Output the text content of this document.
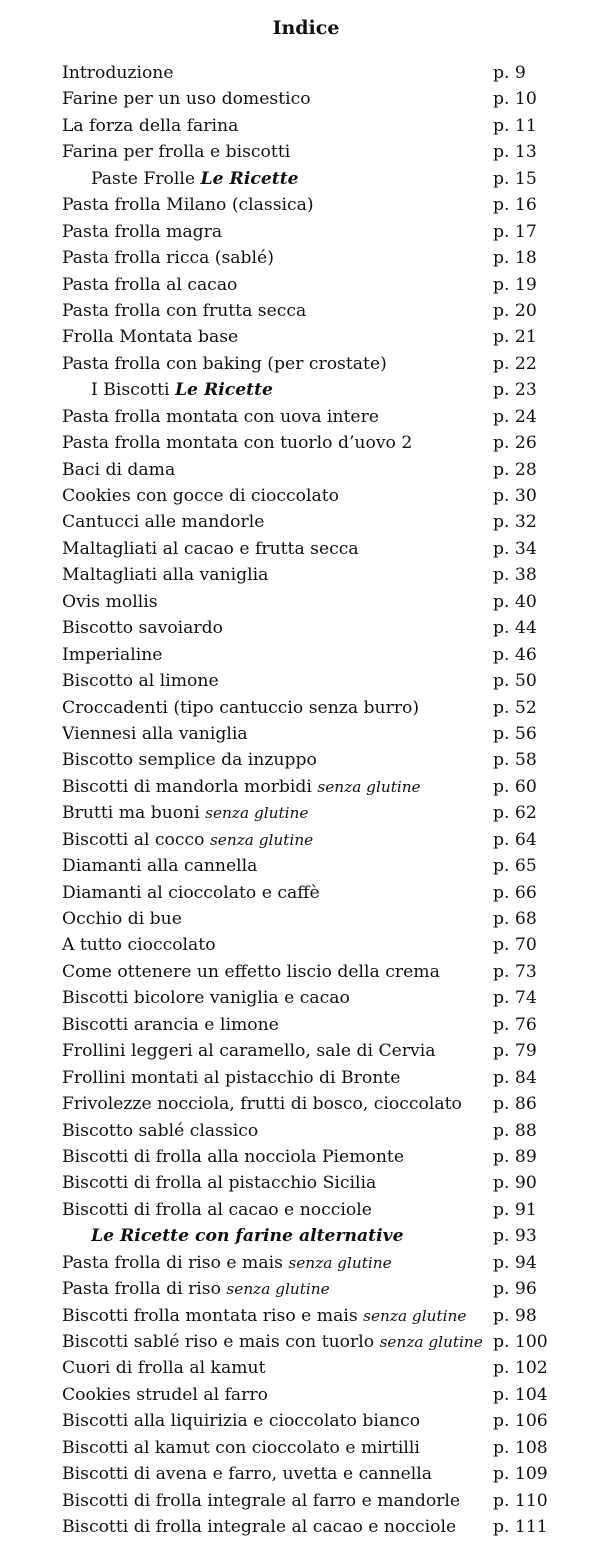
Indice
Introduzione	p. 9
Farine per un uso domestico	p. 10
La forza della farina	p. 11
Farina per frolla e biscotti	p. 13
Paste Frolle Le Ricette	p. 15
Pasta frolla Milano (classica)	p. 16
Pasta frolla magra	p. 17
Pasta frolla ricca (sablé)	p. 18
Pasta frolla al cacao	p. 19
Pasta frolla con frutta secca	p. 20
Frolla Montata base	p. 21
Pasta frolla con baking (per crostate)	p. 22
I Biscotti Le Ricette	p. 23
Pasta frolla montata con uova intere	p. 24
Pasta frolla montata con tuorlo d’uovo 2	p. 26
Baci di dama	p. 28
Cookies con gocce di cioccolato	p. 30
Cantucci alle mandorle	p. 32
Maltagliati al cacao e frutta secca	p. 34
Maltagliati alla vaniglia	p. 38
Ovis mollis	p. 40
Biscotto savoiardo	p. 44
Imperialine	p. 46
Biscotto al limone	p. 50
Croccadenti (tipo cantuccio senza burro)	p. 52
Viennesi alla vaniglia	p. 56
Biscotto semplice da inzuppo	p. 58
Biscotti di mandorla morbidi senza glutine	p. 60
Brutti ma buoni senza glutine	p. 62
Biscotti al cocco senza glutine	p. 64
Diamanti alla cannella	p. 65
Diamanti al cioccolato e caffè	p. 66
Occhio di bue	p. 68
A tutto cioccolato	p. 70
Come ottenere un effetto liscio della crema	p. 73
Biscotti bicolore vaniglia e cacao	p. 74
Biscotti arancia e limone	p. 76
Frollini leggeri al caramello, sale di Cervia	p. 79
Frollini montati al pistacchio di Bronte	p. 84
Frivolezze nocciola, frutti di bosco, cioccolato	p. 86
Biscotto sablé classico	p. 88
Biscotti di frolla alla nocciola Piemonte	p. 89
Biscotti di frolla al pistacchio Sicilia	p. 90
Biscotti di frolla al cacao e nocciole	p. 91
Le Ricette con farine alternative	p. 93
Pasta frolla di riso e mais senza glutine	p. 94
Pasta frolla di riso senza glutine	p. 96
Biscotti frolla montata riso e mais senza glutine	p. 98
Biscotti sablé riso e mais con tuorlo senza glutine p. 100
Cuori di frolla al kamut	p. 102
Cookies strudel al farro	p. 104
Biscotti alla liquirizia e cioccolato bianco	p. 106
Biscotti al kamut con cioccolato e mirtilli	p. 108
Biscotti di avena e farro, uvetta e cannella	p. 109
Biscotti di frolla integrale al farro e mandorle	p. 110
Biscotti di frolla integrale al cacao e nocciole	p. 111
